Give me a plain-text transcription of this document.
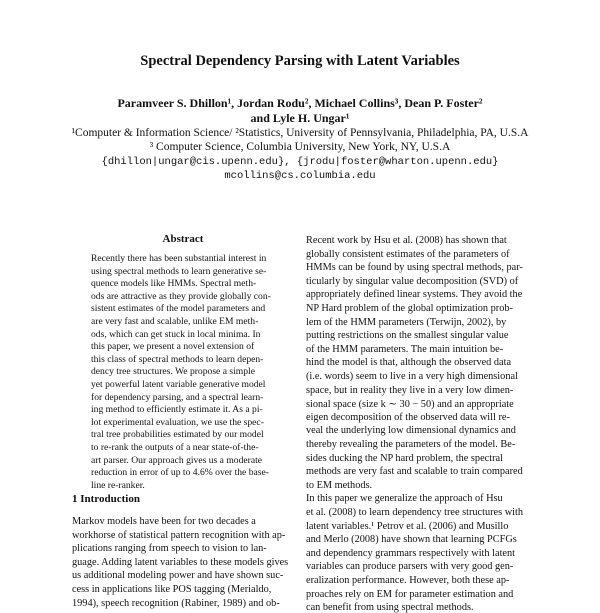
Spectral Dependency Parsing with Latent Variables
Paramveer S. Dhillon¹, Jordan Rodu², Michael Collins³, Dean P. Foster²
and Lyle H. Ungar¹
¹Computer & Information Science/ ²Statistics, University of Pennsylvania, Philadelphia, PA, U.S.A
³ Computer Science, Columbia University, New York, NY, U.S.A
{dhillon|ungar@cis.upenn.edu}, {jrodu|foster@wharton.upenn.edu}
mcollins@cs.columbia.edu
Abstract
Recently there has been substantial interest in
using spectral methods to learn generative se-
quence models like HMMs. Spectral meth-
ods are attractive as they provide globally con-
sistent estimates of the model parameters and
are very fast and scalable, unlike EM meth-
ods, which can get stuck in local minima. In
this paper, we present a novel extension of
this class of spectral methods to learn depen-
dency tree structures. We propose a simple
yet powerful latent variable generative model
for dependency parsing, and a spectral learn-
ing method to efficiently estimate it. As a pi-
lot experimental evaluation, we use the spec-
tral tree probabilities estimated by our model
to re-rank the outputs of a near state-of-the-
art parser. Our approach gives us a moderate
reduction in error of up to 4.6% over the base-
line re-ranker.
1 Introduction
Markov models have been for two decades a
workhorse of statistical pattern recognition with ap-
plications ranging from speech to vision to lan-
guage. Adding latent variables to these models gives
us additional modeling power and have shown suc-
cess in applications like POS tagging (Merialdo,
1994), speech recognition (Rabiner, 1989) and ob-
Recent work by Hsu et al. (2008) has shown that
globally consistent estimates of the parameters of
HMMs can be found by using spectral methods, par-
ticularly by singular value decomposition (SVD) of
appropriately defined linear systems. They avoid the
NP Hard problem of the global optimization prob-
lem of the HMM parameters (Terwijn, 2002), by
putting restrictions on the smallest singular value
of the HMM parameters. The main intuition be-
hind the model is that, although the observed data
(i.e. words) seem to live in a very high dimensional
space, but in reality they live in a very low dimen-
sional space (size k ∼ 30 − 50) and an appropriate
eigen decomposition of the observed data will re-
veal the underlying low dimensional dynamics and
thereby revealing the parameters of the model. Be-
sides ducking the NP hard problem, the spectral
methods are very fast and scalable to train compared
to EM methods.
In this paper we generalize the approach of Hsu
et al. (2008) to learn dependency tree structures with
latent variables.¹ Petrov et al. (2006) and Musillo
and Merlo (2008) have shown that learning PCFGs
and dependency grammars respectively with latent
variables can produce parsers with very good gen-
eralization performance. However, both these ap-
proaches rely on EM for parameter estimation and
can benefit from using spectral methods.
